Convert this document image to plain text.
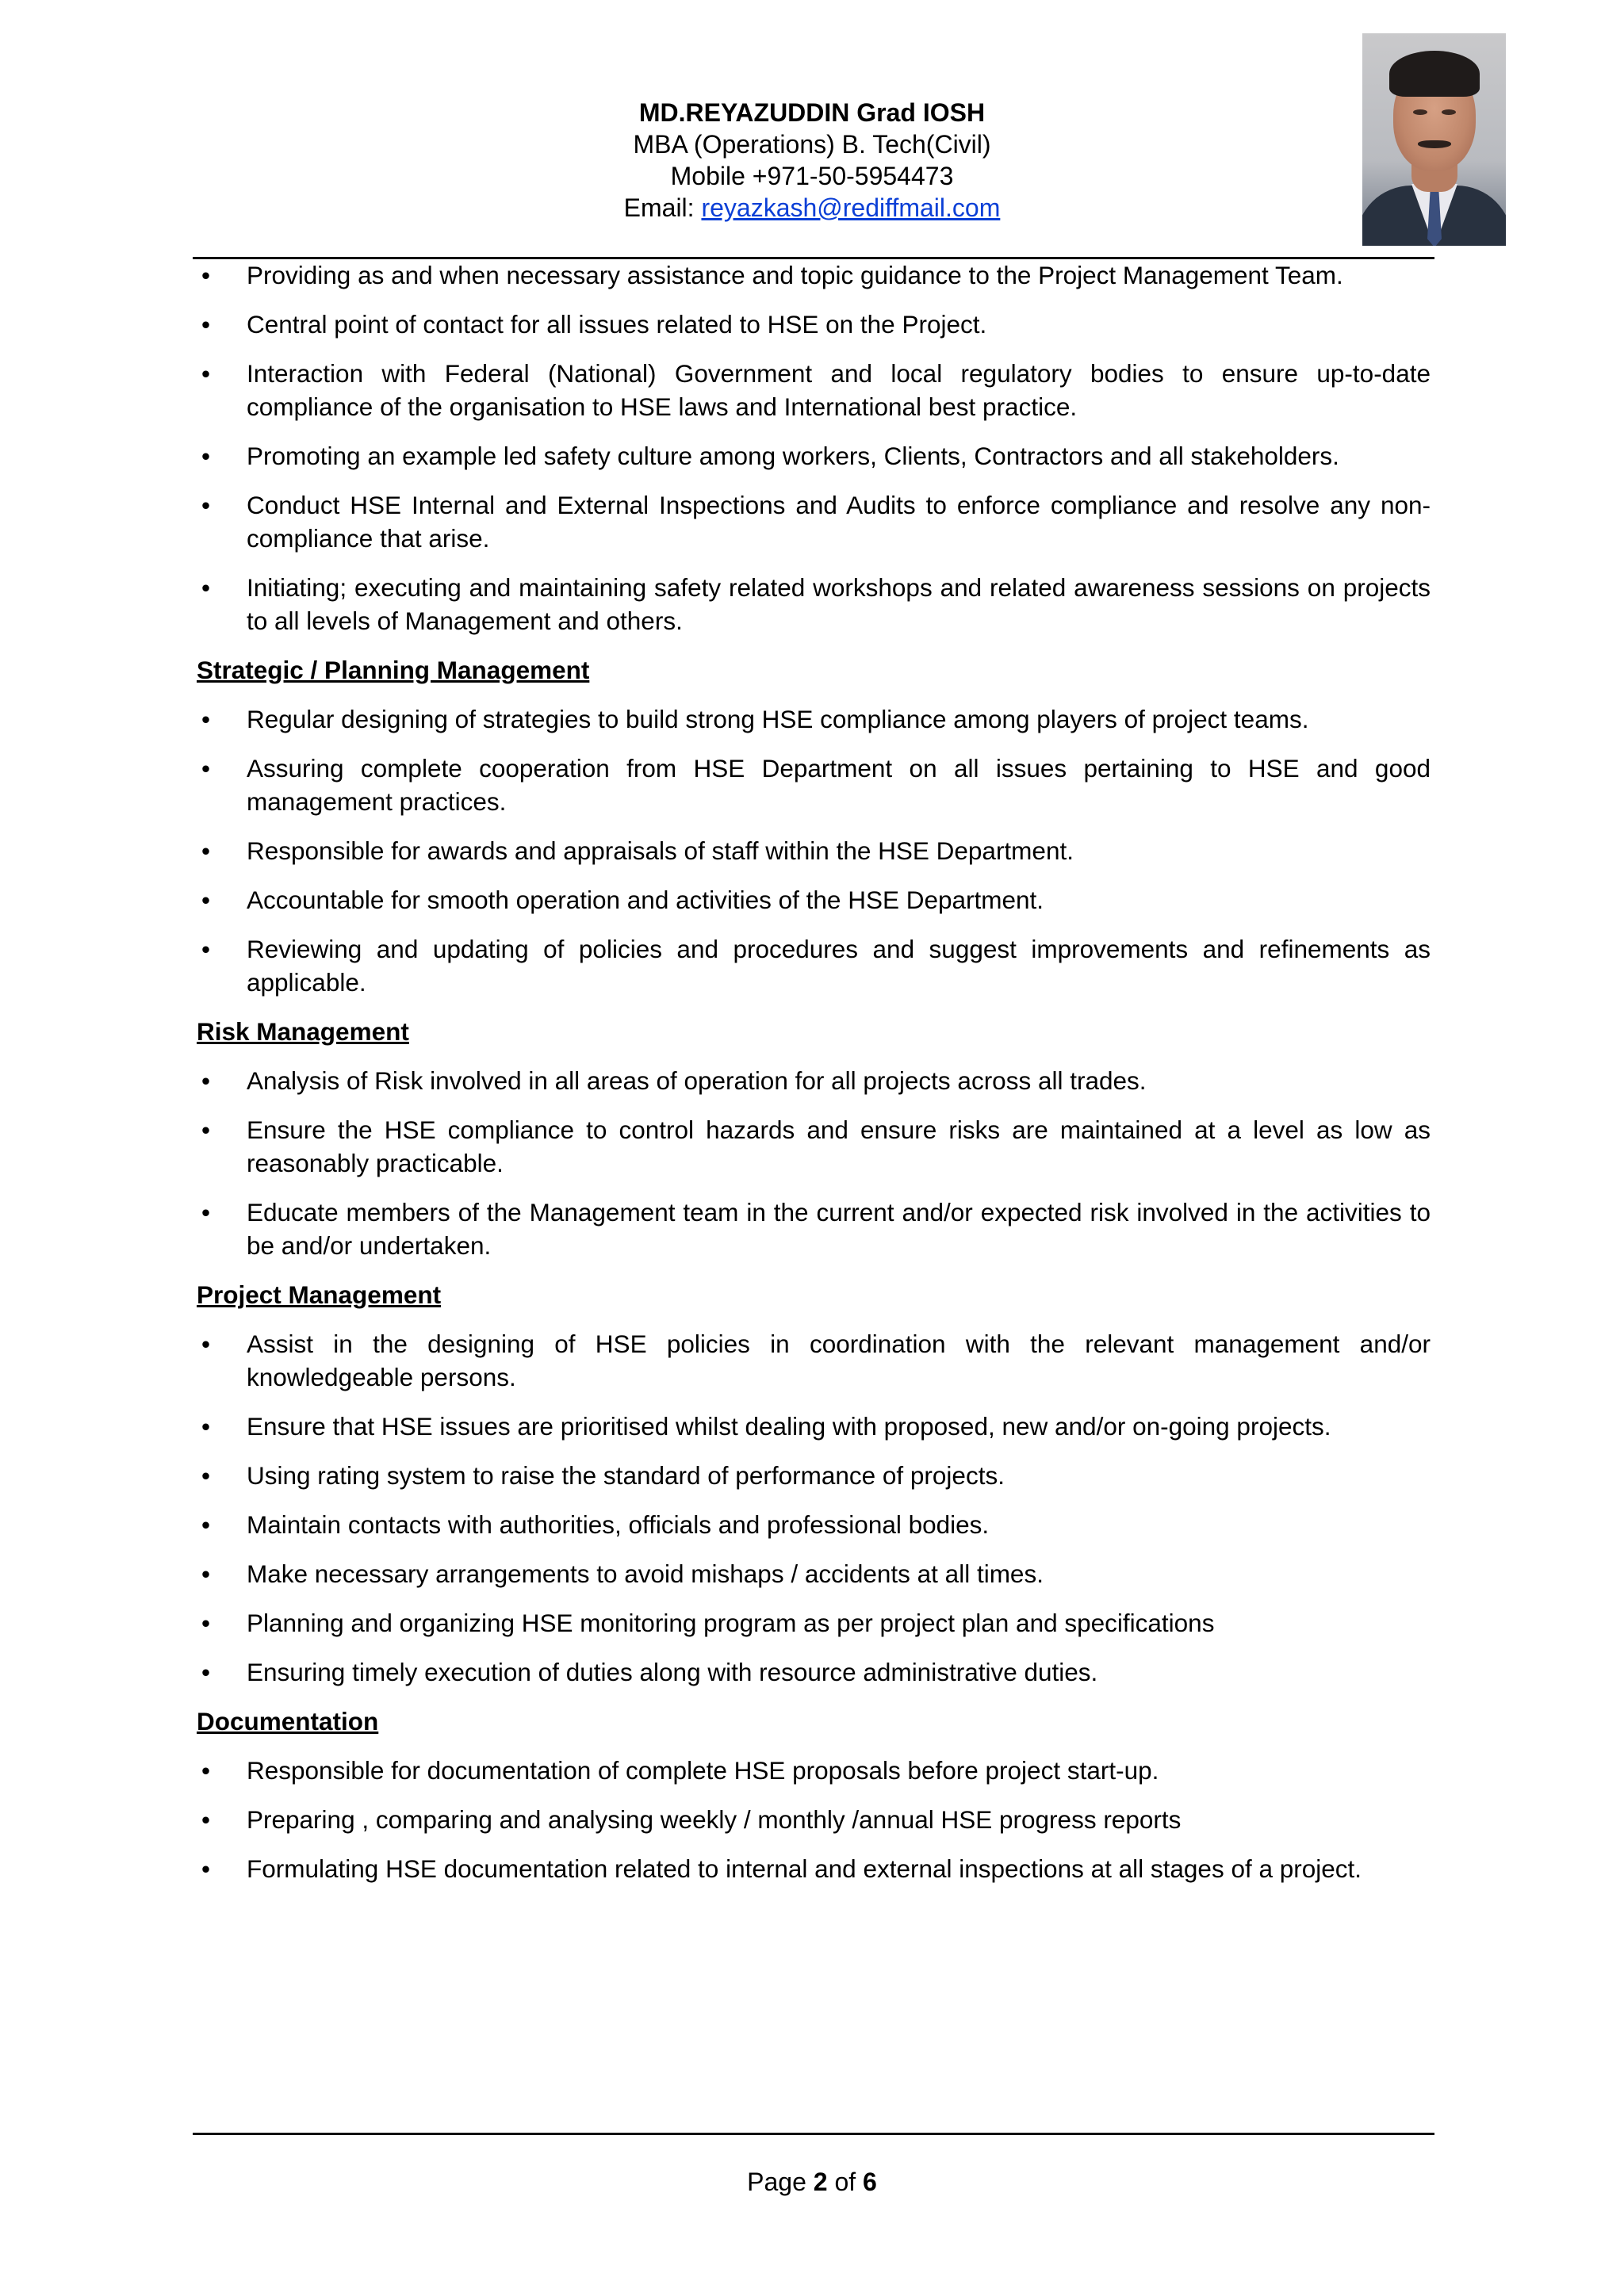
MD.REYAZUDDIN Grad IOSH
MBA (Operations) B. Tech(Civil)
Mobile +971-50-5954473
Email: reyazkash@rediffmail.com
• Providing as and when necessary assistance and topic guidance to the Project Management Team.
• Central point of contact for all issues related to HSE on the Project.
• Interaction with Federal (National) Government and local regulatory bodies to ensure up-to-date compliance of the organisation to HSE laws and International best practice.
• Promoting an example led safety culture among workers, Clients, Contractors and all stakeholders.
• Conduct HSE Internal and External Inspections and Audits to enforce compliance and resolve any non-compliance that arise.
• Initiating; executing and maintaining safety related workshops and related awareness sessions on projects to all levels of Management and others.
Strategic / Planning Management
• Regular designing of strategies to build strong HSE compliance among players of project teams.
• Assuring complete cooperation from HSE Department on all issues pertaining to HSE and good management practices.
• Responsible for awards and appraisals of staff within the HSE Department.
• Accountable for smooth operation and activities of the HSE Department.
• Reviewing and updating of policies and procedures and suggest improvements and refinements as applicable.
Risk Management
• Analysis of Risk involved in all areas of operation for all projects across all trades.
• Ensure the HSE compliance to control hazards and ensure risks are maintained at a level as low as reasonably practicable.
• Educate members of the Management team in the current and/or expected risk involved in the activities to be and/or undertaken.
Project Management
• Assist in the designing of HSE policies in coordination with the relevant management and/or knowledgeable persons.
• Ensure that HSE issues are prioritised whilst dealing with proposed, new and/or on-going projects.
• Using rating system to raise the standard of performance of projects.
• Maintain contacts with authorities, officials and professional bodies.
• Make necessary arrangements to avoid mishaps / accidents at all times.
• Planning and organizing HSE monitoring program as per project plan and specifications
• Ensuring timely execution of duties along with resource administrative duties.
Documentation
• Responsible for documentation of complete HSE proposals before project start-up.
• Preparing , comparing and analysing weekly / monthly /annual HSE progress reports
• Formulating HSE documentation related to internal and external inspections at all stages of a project.
Page 2 of 6
